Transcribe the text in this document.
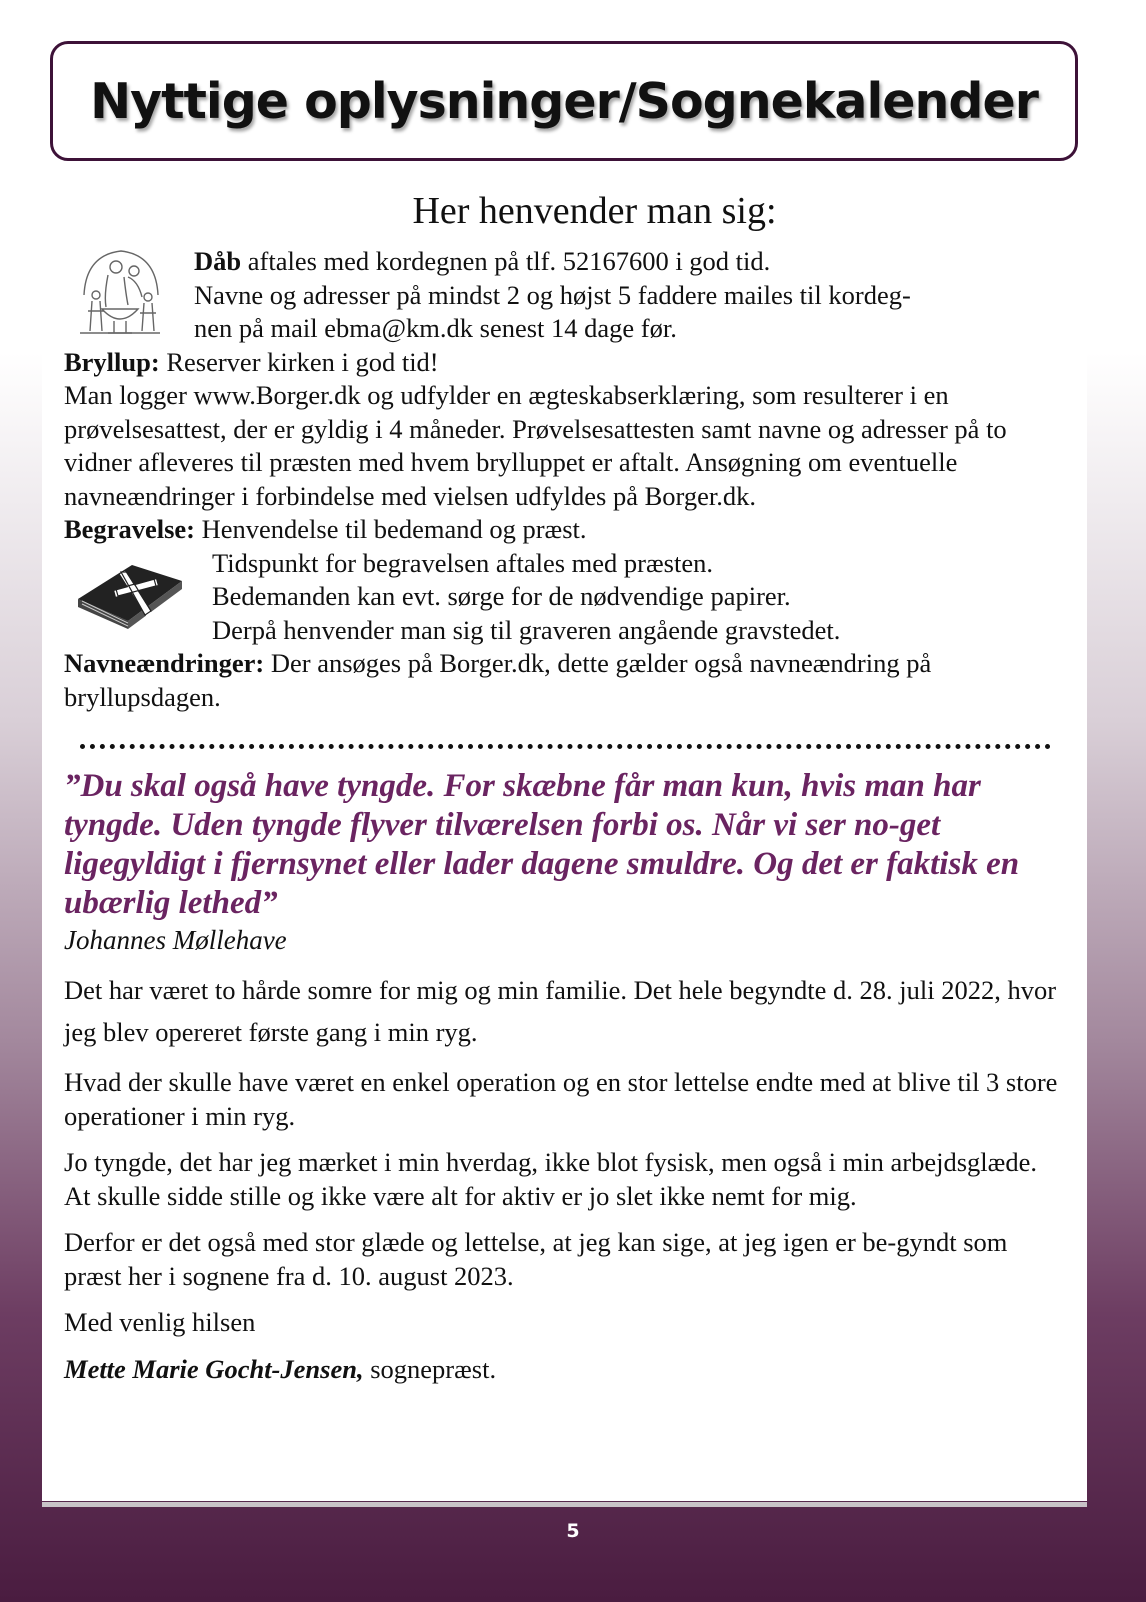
Nyttige oplysninger/Sognekalender
Her henvender man sig:

Dåb aftales med kordegnen på tlf. 52167600 i god tid.

Navne og adresser på mindst 2 og højst 5 faddere mailes til kordeg-

nen på mail ebma@km.dk senest 14 dage før.

Bryllup: Reserver kirken i god tid!

Man logger www.Borger.dk og udfylder en ægteskabserklæring, som resulterer i en prøvelsesattest, der er gyldig i 4 måneder. Prøvelsesattesten samt navne og adresser på to vidner afleveres til præsten med hvem brylluppet er aftalt. Ansøgning om eventuelle navneændringer i forbindelse med vielsen udfyldes på Borger.dk.

Begravelse: Henvendelse til bedemand og præst.

Tidspunkt for begravelsen aftales med præsten.

Bedemanden kan evt. sørge for de nødvendige papirer.

Derpå henvender man sig til graveren angående gravstedet.

Navneændringer: Der ansøges på Borger.dk, dette gælder også navneændring på bryllupsdagen.

”Du skal også have tyngde. For skæbne får man kun, hvis man har tyngde. Uden tyngde flyver tilværelsen forbi os. Når vi ser no-get ligegyldigt i fjernsynet eller lader dagene smuldre. Og det er faktisk en ubærlig lethed”

Johannes Møllehave

Det har været to hårde somre for mig og min familie. Det hele begyndte d. 28. juli 2022, hvor jeg blev opereret første gang i min ryg.

Hvad der skulle have været en enkel operation og en stor lettelse endte med at blive til 3 store operationer i min ryg.

Jo tyngde, det har jeg mærket i min hverdag, ikke blot fysisk, men også i min arbejdsglæde. At skulle sidde stille og ikke være alt for aktiv er jo slet ikke nemt for mig.

Derfor er det også med stor glæde og lettelse, at jeg kan sige, at jeg igen er be-gyndt som præst her i sognene fra d. 10. august 2023.

Med venlig hilsen

Mette Marie Gocht-Jensen, sognepræst.

5
